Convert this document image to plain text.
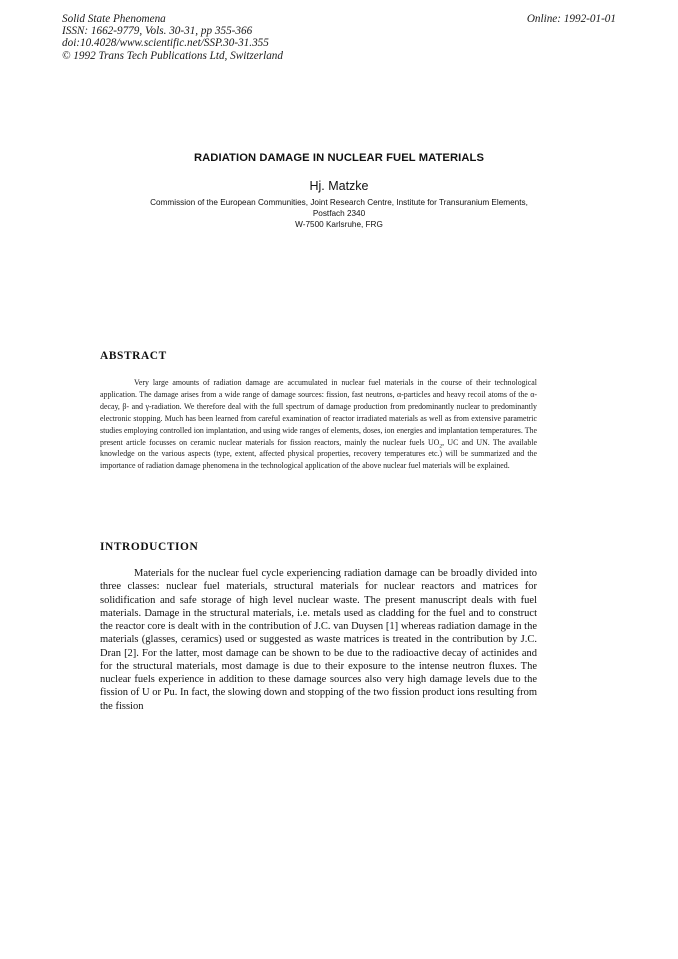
Solid State Phenomena
ISSN: 1662-9779, Vols. 30-31, pp 355-366
doi:10.4028/www.scientific.net/SSP.30-31.355
© 1992 Trans Tech Publications Ltd, Switzerland
Online: 1992-01-01
RADIATION DAMAGE IN NUCLEAR FUEL MATERIALS
Hj. Matzke
Commission of the European Communities, Joint Research Centre, Institute for Transuranium Elements,
Postfach 2340
W-7500 Karlsruhe, FRG
ABSTRACT

Very large amounts of radiation damage are accumulated in nuclear fuel materials in the course of their technological application. The damage arises from a wide range of damage sources: fission, fast neutrons, α-particles and heavy recoil atoms of the α-decay, β- and γ-radiation. We therefore deal with the full spectrum of damage production from predominantly nuclear to predominantly electronic stopping. Much has been learned from careful examination of reactor irradiated materials as well as from extensive parametric studies employing controlled ion implantation, and using wide ranges of elements, doses, ion energies and implantation temperatures. The present article focusses on ceramic nuclear materials for fission reactors, mainly the nuclear fuels $UO_2$, UC and UN. The available knowledge on the various aspects (type, extent, affected physical properties, recovery temperatures etc.) will be summarized and the importance of radiation damage phenomena in the technological application of the above nuclear fuel materials will be explained.

INTRODUCTION

Materials for the nuclear fuel cycle experiencing radiation damage can be broadly divided into three classes: nuclear fuel materials, structural materials for nuclear reactors and matrices for solidification and safe storage of high level nuclear waste. The present manuscript deals with fuel materials. Damage in the structural materials, i.e. metals used as cladding for the fuel and to construct the reactor core is dealt with in the contribution of J.C. van Duysen [1] whereas radiation damage in the materials (glasses, ceramics) used or suggested as waste matrices is treated in the contribution by J.C. Dran [2]. For the latter, most damage can be shown to be due to the radioactive decay of actinides and for the structural materials, most damage is due to their exposure to the intense neutron fluxes. The nuclear fuels experience in addition to these damage sources also very high damage levels due to the fission of U or Pu. In fact, the slowing down and stopping of the two fission product ions resulting from the fission
